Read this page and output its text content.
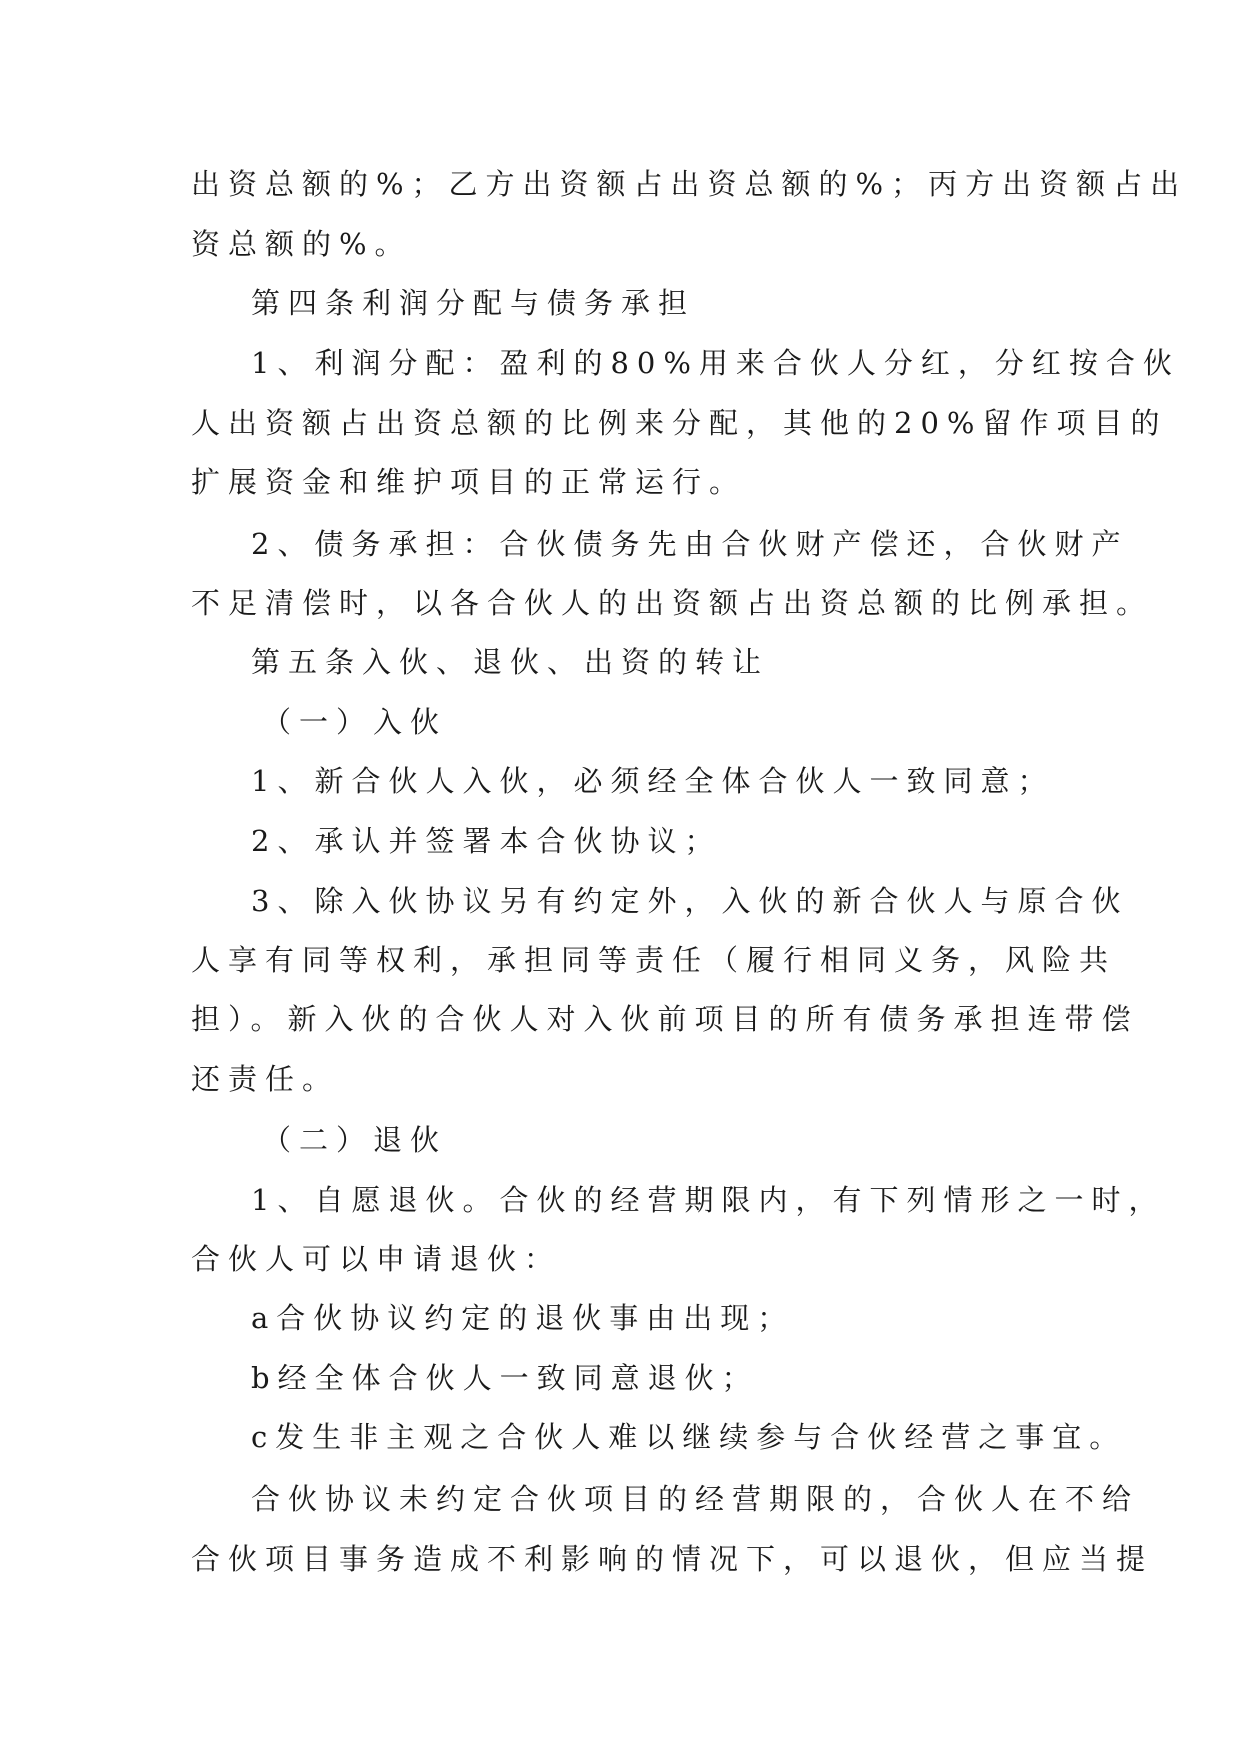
出资总额的%；乙方出资额占出资总额的%；丙方出资额占出
资总额的%。
第四条利润分配与债务承担
1、利润分配：盈利的80%用来合伙人分红，分红按合伙
人出资额占出资总额的比例来分配，其他的20%留作项目的
扩展资金和维护项目的正常运行。
2、债务承担：合伙债务先由合伙财产偿还，合伙财产
不足清偿时，以各合伙人的出资额占出资总额的比例承担。
第五条入伙、退伙、出资的转让
（一）入伙
1、新合伙人入伙，必须经全体合伙人一致同意；
2、承认并签署本合伙协议；
3、除入伙协议另有约定外，入伙的新合伙人与原合伙
人享有同等权利，承担同等责任（履行相同义务，风险共
担）。新入伙的合伙人对入伙前项目的所有债务承担连带偿
还责任。
（二）退伙
1、自愿退伙。合伙的经营期限内，有下列情形之一时，
合伙人可以申请退伙：
a合伙协议约定的退伙事由出现；
b经全体合伙人一致同意退伙；
c发生非主观之合伙人难以继续参与合伙经营之事宜。
合伙协议未约定合伙项目的经营期限的，合伙人在不给
合伙项目事务造成不利影响的情况下，可以退伙，但应当提
